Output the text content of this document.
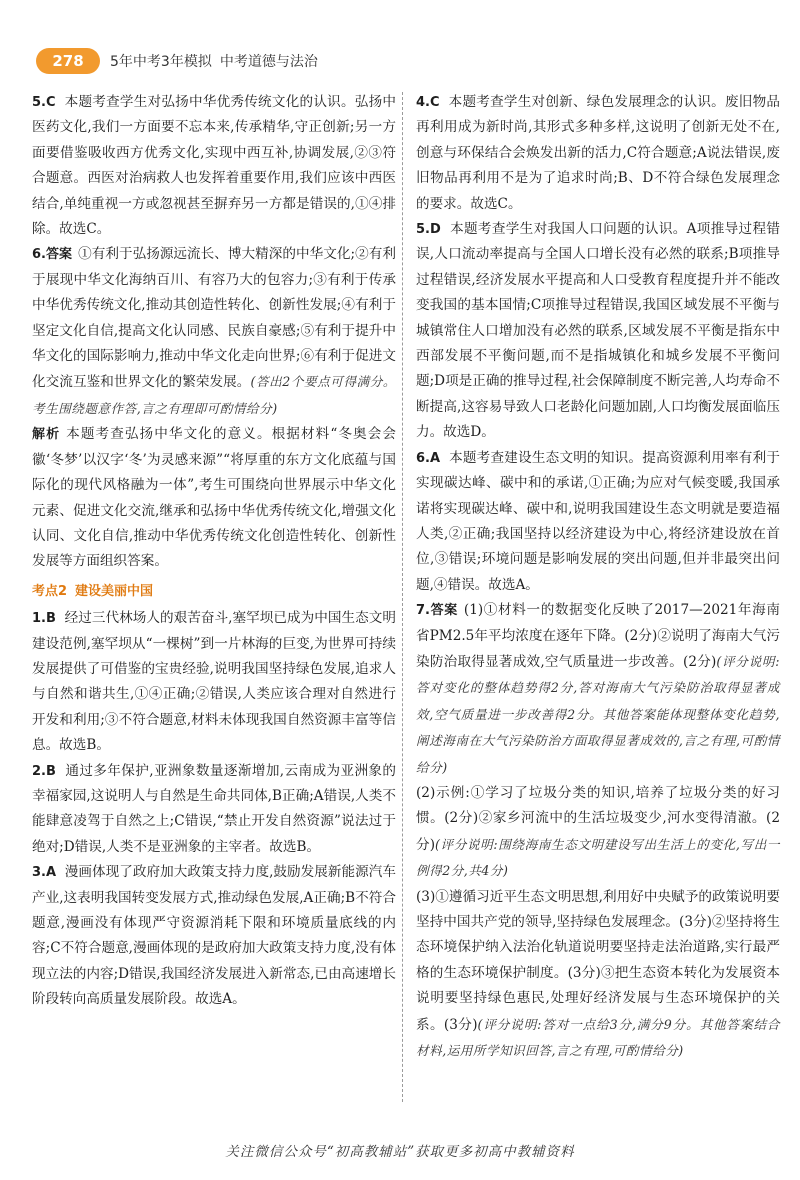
278	5年中考3年模拟 中考道德与法治

5.C 本题考查学生对弘扬中华优秀传统文化的认识。弘扬中医药文化,我们一方面要不忘本来,传承精华,守正创新;另一方面要借鉴吸收西方优秀文化,实现中西互补,协调发展,②③符合题意。西医对治病救人也发挥着重要作用,我们应该中西医结合,单纯重视一方或忽视甚至摒弃另一方都是错误的,①④排除。故选C。

6.答案 ①有利于弘扬源远流长、博大精深的中华文化;②有利于展现中华文化海纳百川、有容乃大的包容力;③有利于传承中华优秀传统文化,推动其创造性转化、创新性发展;④有利于坚定文化自信,提高文化认同感、民族自豪感;⑤有利于提升中华文化的国际影响力,推动中华文化走向世界;⑥有利于促进文化交流互鉴和世界文化的繁荣发展。(答出2个要点可得满分。考生围绕题意作答,言之有理即可酌情给分)

解析 本题考查弘扬中华文化的意义。根据材料“冬奥会会徽‘冬梦’以汉字‘冬’为灵感来源”“将厚重的东方文化底蕴与国际化的现代风格融为一体”,考生可围绕向世界展示中华文化元素、促进文化交流,继承和弘扬中华优秀传统文化,增强文化认同、文化自信,推动中华优秀传统文化创造性转化、创新性发展等方面组织答案。

考点2 建设美丽中国

1.B 经过三代林场人的艰苦奋斗,塞罕坝已成为中国生态文明建设范例,塞罕坝从“一棵树”到一片林海的巨变,为世界可持续发展提供了可借鉴的宝贵经验,说明我国坚持绿色发展,追求人与自然和谐共生,①④正确;②错误,人类应该合理对自然进行开发和利用;③不符合题意,材料未体现我国自然资源丰富等信息。故选B。

2.B 通过多年保护,亚洲象数量逐渐增加,云南成为亚洲象的幸福家园,这说明人与自然是生命共同体,B正确;A错误,人类不能肆意凌驾于自然之上;C错误,“禁止开发自然资源”说法过于绝对;D错误,人类不是亚洲象的主宰者。故选B。

3.A 漫画体现了政府加大政策支持力度,鼓励发展新能源汽车产业,这表明我国转变发展方式,推动绿色发展,A正确;B不符合题意,漫画没有体现严守资源消耗下限和环境质量底线的内容;C不符合题意,漫画体现的是政府加大政策支持力度,没有体现立法的内容;D错误,我国经济发展进入新常态,已由高速增长阶段转向高质量发展阶段。故选A。

4.C 本题考查学生对创新、绿色发展理念的认识。废旧物品再利用成为新时尚,其形式多种多样,这说明了创新无处不在,创意与环保结合会焕发出新的活力,C符合题意;A说法错误,废旧物品再利用不是为了追求时尚;B、D不符合绿色发展理念的要求。故选C。

5.D 本题考查学生对我国人口问题的认识。A项推导过程错误,人口流动率提高与全国人口增长没有必然的联系;B项推导过程错误,经济发展水平提高和人口受教育程度提升并不能改变我国的基本国情;C项推导过程错误,我国区域发展不平衡与城镇常住人口增加没有必然的联系,区域发展不平衡是指东中西部发展不平衡问题,而不是指城镇化和城乡发展不平衡问题;D项是正确的推导过程,社会保障制度不断完善,人均寿命不断提高,这容易导致人口老龄化问题加剧,人口均衡发展面临压力。故选D。

6.A 本题考查建设生态文明的知识。提高资源利用率有利于实现碳达峰、碳中和的承诺,①正确;为应对气候变暖,我国承诺将实现碳达峰、碳中和,说明我国建设生态文明就是要造福人类,②正确;我国坚持以经济建设为中心,将经济建设放在首位,③错误;环境问题是影响发展的突出问题,但并非最突出问题,④错误。故选A。

7.答案 (1)①材料一的数据变化反映了2017—2021年海南省PM2.5年平均浓度在逐年下降。(2分)②说明了海南大气污染防治取得显著成效,空气质量进一步改善。(2分)(评分说明:答对变化的整体趋势得2分,答对海南大气污染防治取得显著成效,空气质量进一步改善得2分。其他答案能体现整体变化趋势,阐述海南在大气污染防治方面取得显著成效的,言之有理,可酌情给分)

(2)示例:①学习了垃圾分类的知识,培养了垃圾分类的好习惯。(2分)②家乡河流中的生活垃圾变少,河水变得清澈。(2分)(评分说明:围绕海南生态文明建设写出生活上的变化,写出一例得2分,共4分)

(3)①遵循习近平生态文明思想,利用好中央赋予的政策说明要坚持中国共产党的领导,坚持绿色发展理念。(3分)②坚持将生态环境保护纳入法治化轨道说明要坚持走法治道路,实行最严格的生态环境保护制度。(3分)③把生态资本转化为发展资本说明要坚持绿色惠民,处理好经济发展与生态环境保护的关系。(3分)(评分说明:答对一点给3分,满分9分。其他答案结合材料,运用所学知识回答,言之有理,可酌情给分)

关注微信公众号“初高教辅站”获取更多初高中教辅资料
